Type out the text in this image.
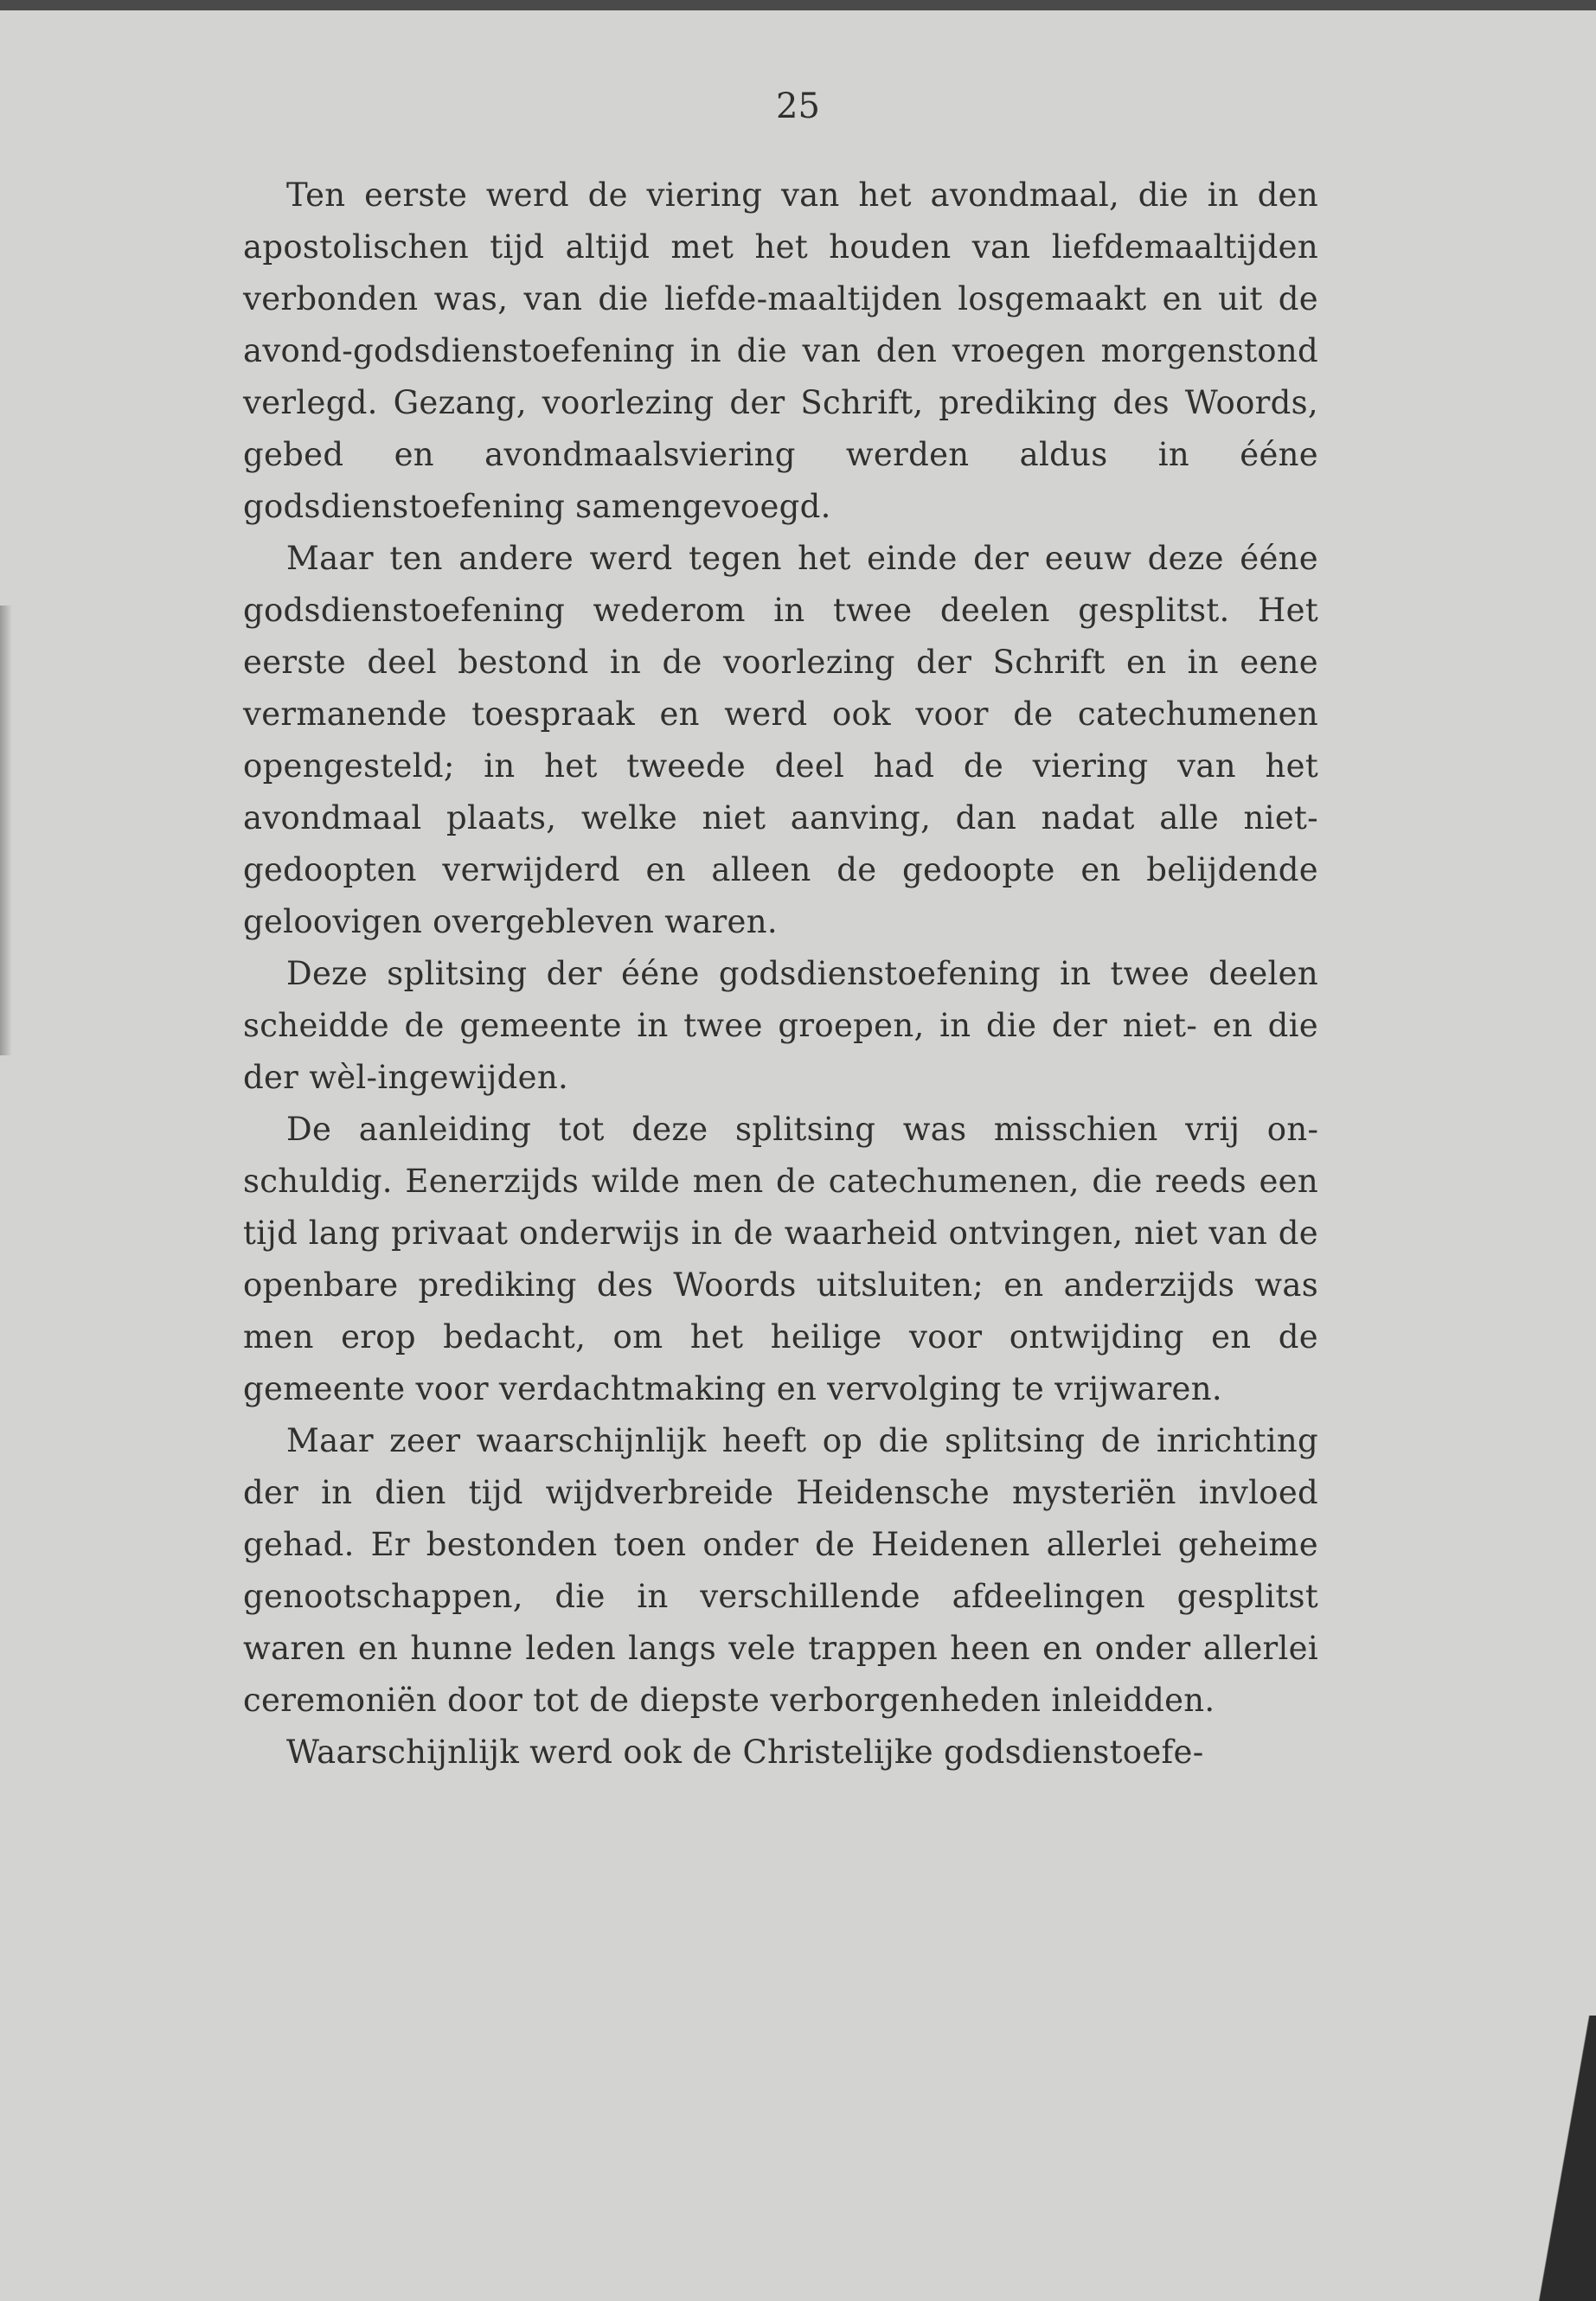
25

Ten eerste werd de viering van het avondmaal, die in den apostolischen tijd altijd met het houden van liefdemaaltijden verbonden was, van die liefde-maaltijden losgemaakt en uit de avond-godsdienstoefening in die van den vroegen morgenstond verlegd. Gezang, voorlezing der Schrift, prediking des Woords, gebed en avondmaalsviering werden aldus in ééne godsdienstoefening samengevoegd.

Maar ten andere werd tegen het einde der eeuw deze ééne godsdienstoefening wederom in twee deelen gesplitst. Het eerste deel bestond in de voorlezing der Schrift en in eene vermanende toespraak en werd ook voor de catechumenen opengesteld; in het tweede deel had de viering van het avondmaal plaats, welke niet aanving, dan nadat alle niet-gedoopten verwijderd en alleen de gedoopte en belijdende geloovigen overgebleven waren.

Deze splitsing der ééne godsdienstoefening in twee deelen scheidde de gemeente in twee groepen, in die der niet- en die der wèl-ingewijden.

De aanleiding tot deze splitsing was misschien vrij onschuldig. Eenerzijds wilde men de catechumenen, die reeds een tijd lang privaat onderwijs in de waarheid ontvingen, niet van de openbare prediking des Woords uitsluiten; en anderzijds was men erop bedacht, om het heilige voor ontwijding en de gemeente voor verdachtmaking en vervolging te vrijwaren.

Maar zeer waarschijnlijk heeft op die splitsing de inrichting der in dien tijd wijdverbreide Heidensche mysteriën invloed gehad. Er bestonden toen onder de Heidenen allerlei geheime genootschappen, die in verschillende afdeelingen gesplitst waren en hunne leden langs vele trappen heen en onder allerlei ceremoniën door tot de diepste verborgenheden inleidden.

Waarschijnlijk werd ook de Christelijke godsdienstoefe-
